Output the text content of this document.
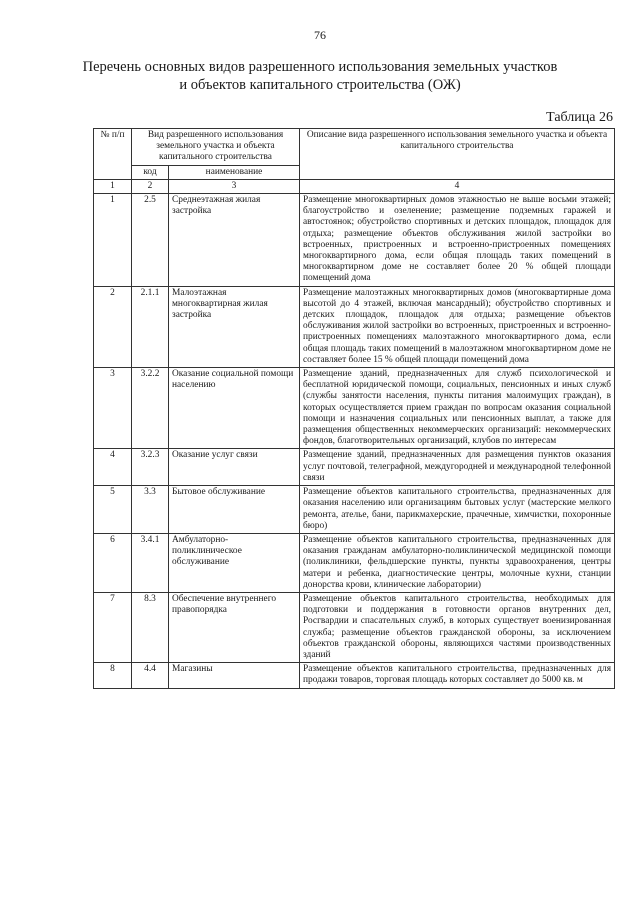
76
Перечень основных видов разрешенного использования земельных участков
и объектов капитального строительства (ОЖ)
Таблица 26
№ п/п	Вид разрешенного использования земельного участка и объекта капитального строительства		Описание вида разрешенного использования земельного участка и объекта капитального строительства
	код	наименование	
1	2	3	4
1	2.5	Среднеэтажная жилая застройка	Размещение многоквартирных домов этажностью не выше восьми этажей; благоустройство и озеленение; размещение подземных гаражей и автостоянок; обустройство спортивных и детских площадок, площадок для отдыха; размещение объектов обслуживания жилой застройки во встроенных, пристроенных и встроенно-пристроенных помещениях многоквартирного дома, если общая площадь таких помещений в многоквартирном доме не составляет более 20 % общей площади помещений дома
2	2.1.1	Малоэтажная многоквартирная жилая застройка	Размещение малоэтажных многоквартирных домов (многоквартирные дома высотой до 4 этажей, включая мансардный); обустройство спортивных и детских площадок, площадок для отдыха; размещение объектов обслуживания жилой застройки во встроенных, пристроенных и встроенно-пристроенных помещениях малоэтажного многоквартирного дома, если общая площадь таких помещений в малоэтажном многоквартирном доме не составляет более 15 % общей площади помещений дома
3	3.2.2	Оказание социальной помощи населению	Размещение зданий, предназначенных для служб психологической и бесплатной юридической помощи, социальных, пенсионных и иных служб (службы занятости населения, пункты питания малоимущих граждан), в которых осуществляется прием граждан по вопросам оказания социальной помощи и назначения социальных или пенсионных выплат, а также для размещения общественных некоммерческих организаций: некоммерческих фондов, благотворительных организаций, клубов по интересам
4	3.2.3	Оказание услуг связи	Размещение зданий, предназначенных для размещения пунктов оказания услуг почтовой, телеграфной, междугородней и международной телефонной связи
5	3.3	Бытовое обслуживание	Размещение объектов капитального строительства, предназначенных для оказания населению или организациям бытовых услуг (мастерские мелкого ремонта, ателье, бани, парикмахерские, прачечные, химчистки, похоронные бюро)
6	3.4.1	Амбулаторно-поликлиническое обслуживание	Размещение объектов капитального строительства, предназначенных для оказания гражданам амбулаторно-поликлинической медицинской помощи (поликлиники, фельдшерские пункты, пункты здравоохранения, центры матери и ребенка, диагностические центры, молочные кухни, станции донорства крови, клинические лаборатории)
7	8.3	Обеспечение внутреннего правопорядка	Размещение объектов капитального строительства, необходимых для подготовки и поддержания в готовности органов внутренних дел, Росгвардии и спасательных служб, в которых существует военизированная служба; размещение объектов гражданской обороны, за исключением объектов гражданской обороны, являющихся частями производственных зданий
8	4.4	Магазины	Размещение объектов капитального строительства, предназначенных для продажи товаров, торговая площадь которых составляет до 5000 кв. м
